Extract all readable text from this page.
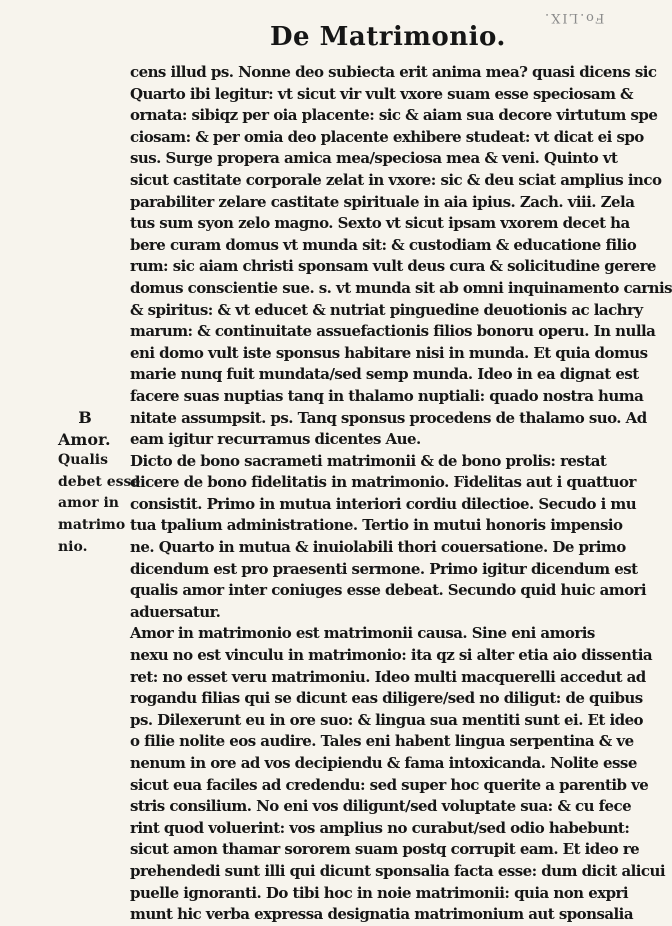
Fo.LIX.
De Matrimonio.
B
Amor.
Qualis
debet esse
amor in
matrimo
nio.
cens illud ps. Nonne deo subiecta erit anima mea? quasi dicens sic
Quarto ibi legitur: vt sicut vir vult vxore suam esse speciosam &
ornata: sibiqz per oia placente: sic & aiam sua decore virtutum spe
ciosam: & per omia deo placente exhibere studeat: vt dicat ei spo
sus. Surge propera amica mea/speciosa mea & veni. Quinto vt
sicut castitate corporale zelat in vxore: sic & deu sciat amplius inco
parabiliter zelare castitate spirituale in aia ipius. Zach. viii. Zela
tus sum syon zelo magno. Sexto vt sicut ipsam vxorem decet ha
bere curam domus vt munda sit: & custodiam & educatione filio
rum: sic aiam christi sponsam vult deus cura & solicitudine gerere
domus conscientie sue. s. vt munda sit ab omni inquinamento carnis
& spiritus: & vt educet & nutriat pinguedine deuotionis ac lachry
marum: & continuitate assuefactionis filios bonoru operu. In nulla
eni domo vult iste sponsus habitare nisi in munda. Et quia domus
marie nunq fuit mundata/sed semp munda. Ideo in ea dignat est
facere suas nuptias tanq in thalamo nuptiali: quado nostra huma
nitate assumpsit. ps. Tanq sponsus procedens de thalamo suo. Ad
eam igitur recurramus dicentes Aue.
Dicto de bono sacrameti matrimonii & de bono prolis: restat
dicere de bono fidelitatis in matrimonio. Fidelitas aut i quattuor
consistit. Primo in mutua interiori cordiu dilectioe. Secudo i mu
tua tpalium administratione. Tertio in mutui honoris impensio
ne. Quarto in mutua & inuiolabili thori couersatione. De primo
dicendum est pro praesenti sermone. Primo igitur dicendum est
qualis amor inter coniuges esse debeat. Secundo quid huic amori
aduersatur.
Amor in matrimonio est matrimonii causa. Sine eni amoris
nexu no est vinculu in matrimonio: ita qz si alter etia aio dissentia
ret: no esset veru matrimoniu. Ideo multi macquerelli accedut ad
rogandu filias qui se dicunt eas diligere/sed no diligut: de quibus
ps. Dilexerunt eu in ore suo: & lingua sua mentiti sunt ei. Et ideo
o filie nolite eos audire. Tales eni habent lingua serpentina & ve
nenum in ore ad vos decipiendu & fama intoxicanda. Nolite esse
sicut eua faciles ad credendu: sed super hoc querite a parentib ve
stris consilium. No eni vos diligunt/sed voluptate sua: & cu fece
rint quod voluerint: vos amplius no curabut/sed odio habebunt:
sicut amon thamar sororem suam postq corrupit eam. Et ideo re
prehendedi sunt illi qui dicunt sponsalia facta esse: dum dicit alicui
puelle ignoranti. Do tibi hoc in noie matrimonii: quia non expri
munt hic verba expressa designatia matrimonium aut sponsalia
